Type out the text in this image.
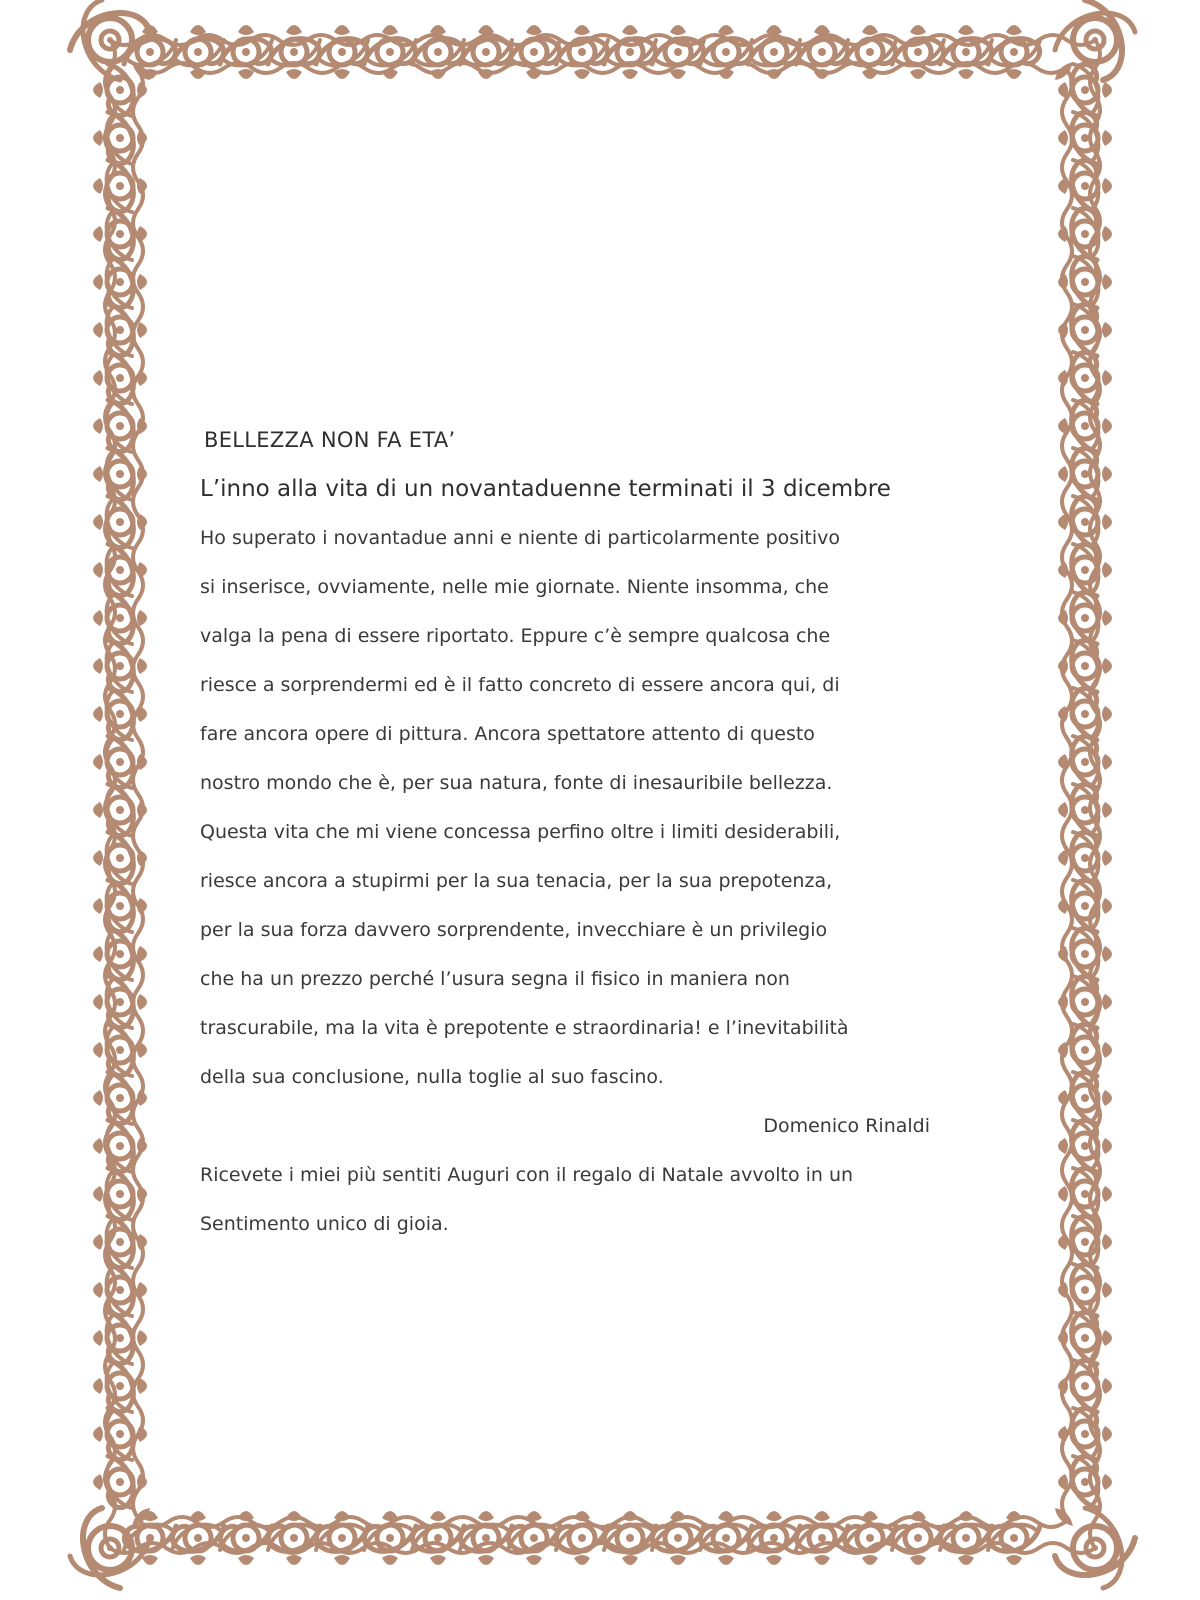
BELLEZZA NON FA ETA’
L’inno alla vita di un novantaduenne terminati il 3 dicembre
Ho superato i novantadue anni e niente di particolarmente positivo
si inserisce, ovviamente, nelle mie giornate. Niente insomma, che
valga la pena di essere riportato. Eppure c’è sempre qualcosa che
riesce a sorprendermi ed è il fatto concreto di essere ancora qui, di
fare ancora opere di pittura. Ancora spettatore attento di questo
nostro mondo che è, per sua natura, fonte di inesauribile bellezza.
Questa vita che mi viene concessa perfino oltre i limiti desiderabili,
riesce ancora a stupirmi per la sua tenacia, per la sua prepotenza,
per la sua forza davvero sorprendente, invecchiare è un privilegio
che ha un prezzo perché l’usura segna il fisico in maniera non
trascurabile, ma la vita è prepotente e straordinaria! e l’inevitabilità
della sua conclusione, nulla toglie al suo fascino.
Domenico Rinaldi
Ricevete i miei più sentiti Auguri con il regalo di Natale avvolto in un
Sentimento unico di gioia.
